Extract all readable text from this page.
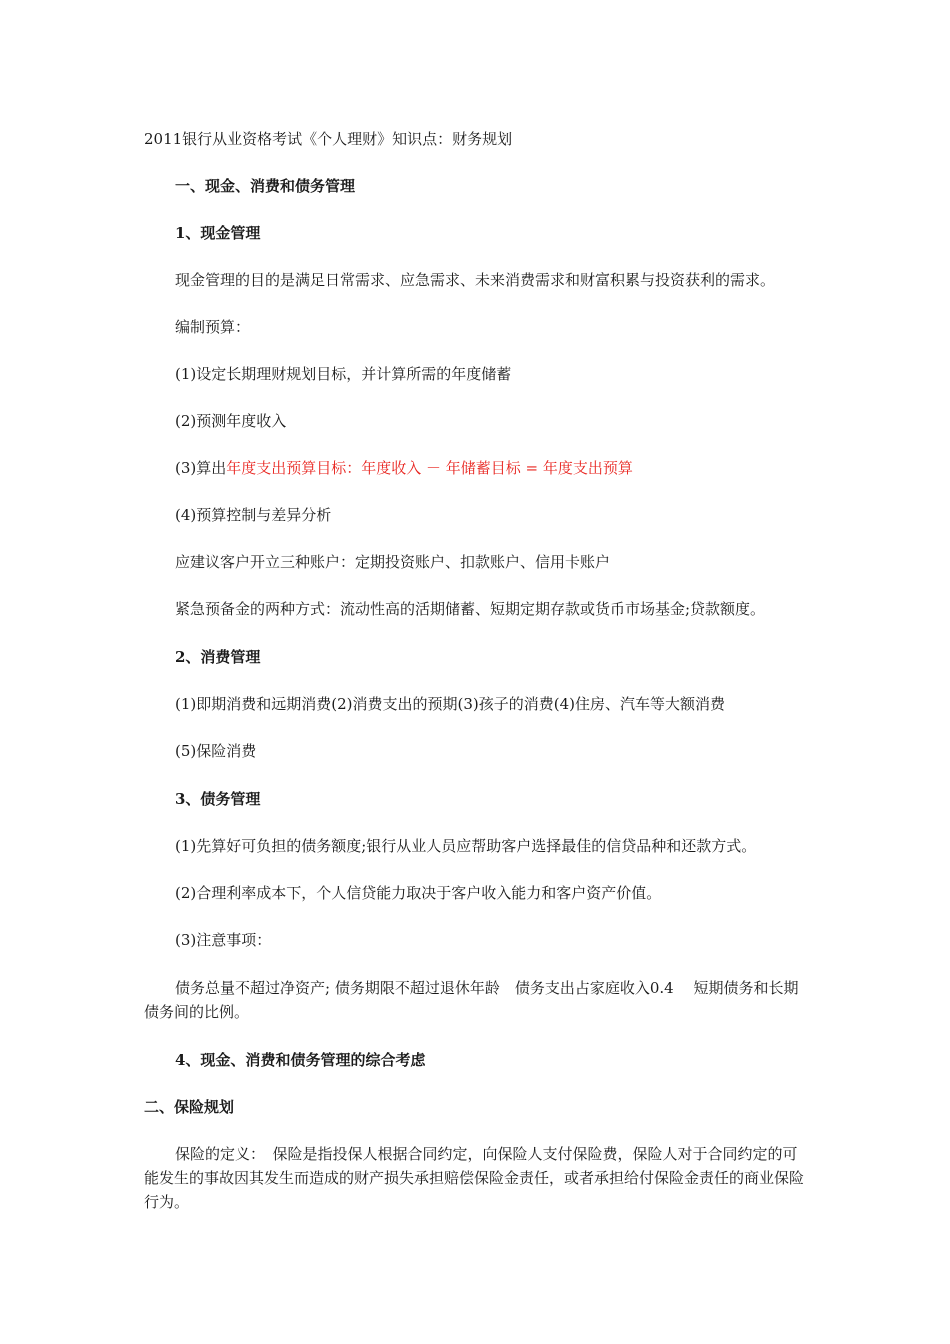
2011银行从业资格考试《个人理财》知识点：财务规划
一、现金、消费和债务管理
1、现金管理
现金管理的目的是满足日常需求、应急需求、未来消费需求和财富积累与投资获利的需求。
编制预算：
(1)设定长期理财规划目标，并计算所需的年度储蓄
(2)预测年度收入
(3)算出年度支出预算目标：年度收入 － 年储蓄目标 = 年度支出预算
(4)预算控制与差异分析
应建议客户开立三种账户：定期投资账户、扣款账户、信用卡账户
紧急预备金的两种方式：流动性高的活期储蓄、短期定期存款或货币市场基金;贷款额度。
2、消费管理
(1)即期消费和远期消费(2)消费支出的预期(3)孩子的消费(4)住房、汽车等大额消费
(5)保险消费
3、债务管理
(1)先算好可负担的债务额度;银行从业人员应帮助客户选择最佳的信贷品种和还款方式。
(2)合理利率成本下，个人信贷能力取决于客户收入能力和客户资产价值。
(3)注意事项：
债务总量不超过净资产; 债务期限不超过退休年龄　债务支出占家庭收入0.4　 短期债务和长期债务间的比例。
4、现金、消费和债务管理的综合考虑
二、保险规划
保险的定义：　保险是指投保人根据合同约定，向保险人支付保险费，保险人对于合同约定的可能发生的事故因其发生而造成的财产损失承担赔偿保险金责任，或者承担给付保险金责任的商业保险行为。
